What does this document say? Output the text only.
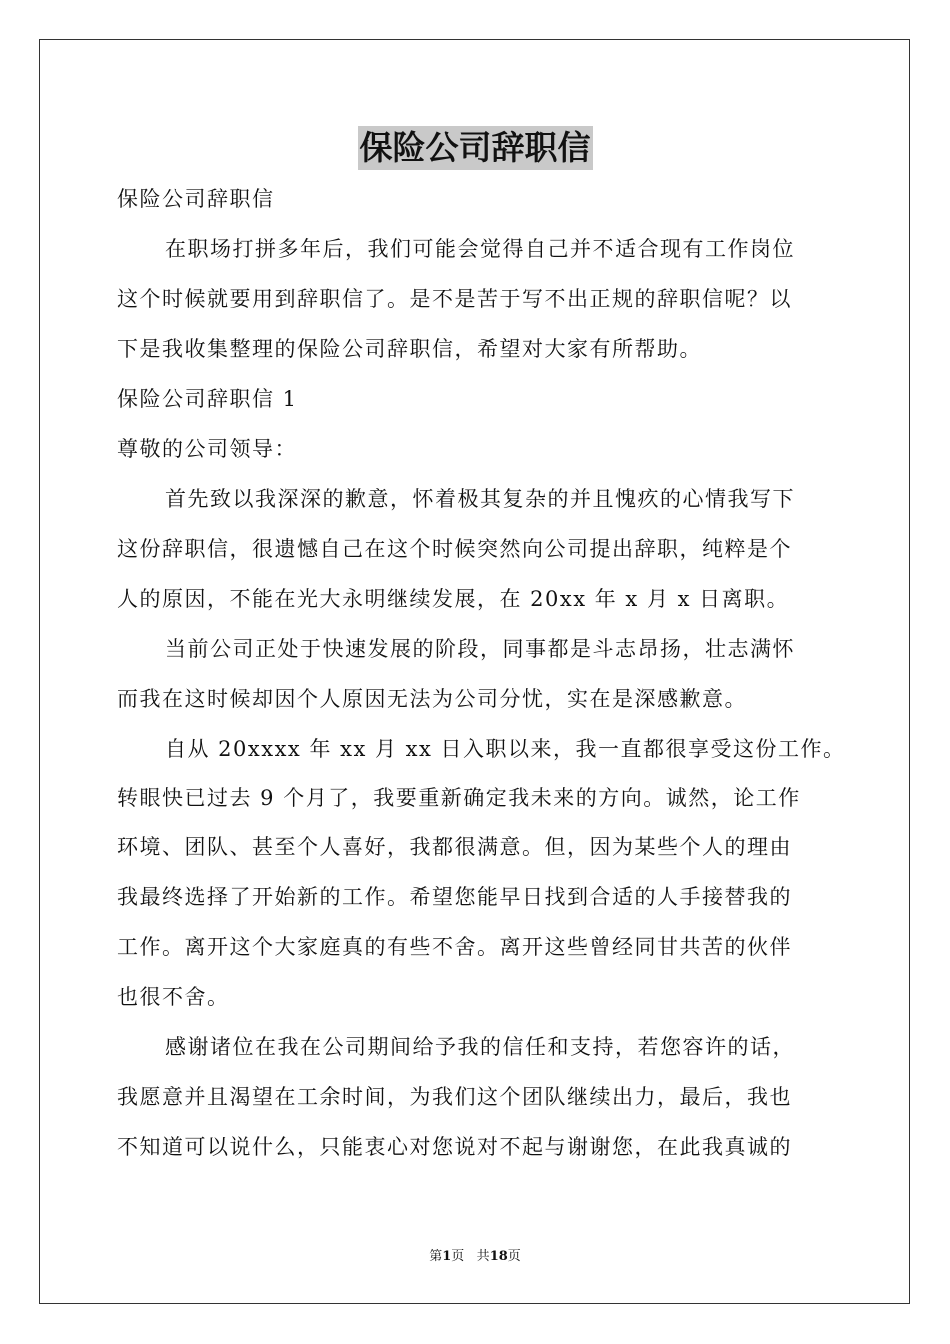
保险公司辞职信
保险公司辞职信
在职场打拼多年后，我们可能会觉得自己并不适合现有工作岗位
这个时候就要用到辞职信了。是不是苦于写不出正规的辞职信呢？以
下是我收集整理的保险公司辞职信，希望对大家有所帮助。
保险公司辞职信 1
尊敬的公司领导：
首先致以我深深的歉意，怀着极其复杂的并且愧疚的心情我写下
这份辞职信，很遗憾自己在这个时候突然向公司提出辞职，纯粹是个
人的原因，不能在光大永明继续发展，在 20xx 年 x 月 x 日离职。
当前公司正处于快速发展的阶段，同事都是斗志昂扬，壮志满怀
而我在这时候却因个人原因无法为公司分忧，实在是深感歉意。
自从 20xxxx 年 xx 月 xx 日入职以来，我一直都很享受这份工作。
转眼快已过去 9 个月了，我要重新确定我未来的方向。诚然，论工作
环境、团队、甚至个人喜好，我都很满意。但，因为某些个人的理由
我最终选择了开始新的工作。希望您能早日找到合适的人手接替我的
工作。离开这个大家庭真的有些不舍。离开这些曾经同甘共苦的伙伴
也很不舍。
感谢诸位在我在公司期间给予我的信任和支持，若您容许的话，
我愿意并且渴望在工余时间，为我们这个团队继续出力，最后，我也
不知道可以说什么，只能衷心对您说对不起与谢谢您，在此我真诚的
第1页 共18页
